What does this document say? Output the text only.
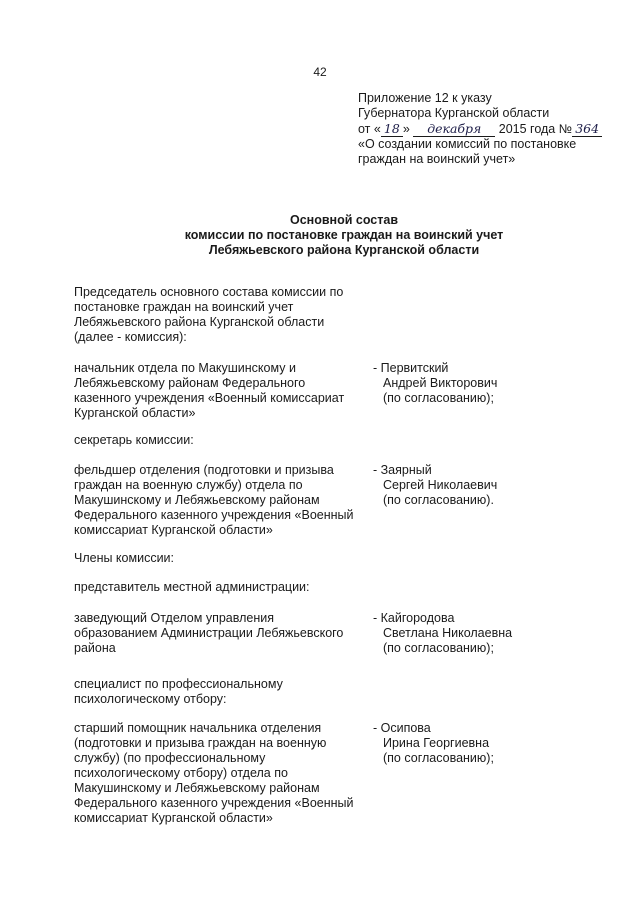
42
Приложение 12 к указу
Губернатора Курганской области
от « 18 » декабря 2015 года № 364
«О создании комиссий по постановке
граждан на воинский учет»
Основной состав
комиссии по постановке граждан на воинский учет
Лебяжьевского района Курганской области
Председатель основного состава комиссии по
постановке граждан на воинский учет
Лебяжьевского района Курганской области
(далее - комиссия):
начальник отдела по Макушинскому и
Лебяжьевскому районам Федерального
казенного учреждения «Военный комиссариат
Курганской области»
- Первитский
Андрей Викторович
(по согласованию);
секретарь комиссии:
фельдшер отделения (подготовки и призыва
граждан на военную службу) отдела по
Макушинскому и Лебяжьевскому районам
Федерального казенного учреждения «Военный
комиссариат Курганской области»
- Заярный
Сергей Николаевич
(по согласованию).
Члены комиссии:
представитель местной администрации:
заведующий Отделом управления
образованием Администрации Лебяжьевского
района
- Кайгородова
Светлана Николаевна
(по согласованию);
специалист по профессиональному
психологическому отбору:
старший помощник начальника отделения
(подготовки и призыва граждан на военную
службу) (по профессиональному
психологическому отбору) отдела по
Макушинскому и Лебяжьевскому районам
Федерального казенного учреждения «Военный
комиссариат Курганской области»
- Осипова
Ирина Георгиевна
(по согласованию);
